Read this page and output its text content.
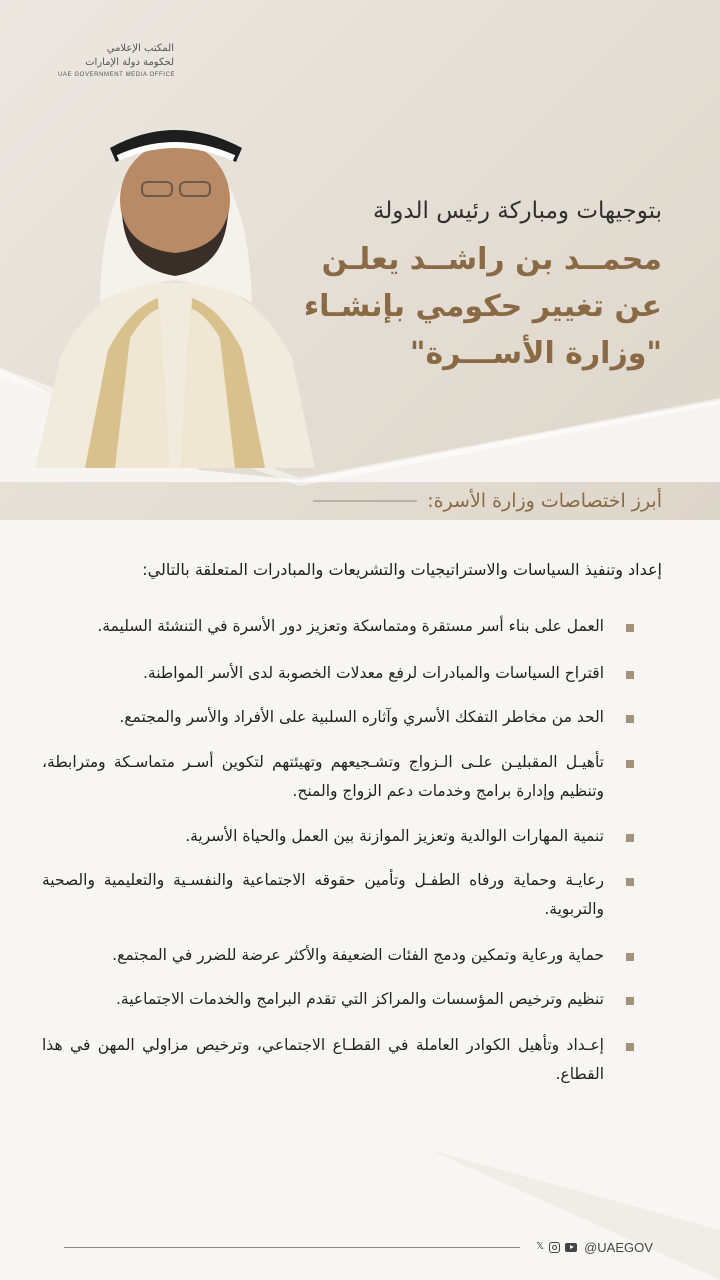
المكتب الإعلامي
لحكومة دولة الإمارات
UAE GOVERNMENT MEDIA OFFICE
بتوجيهات ومباركة رئيس الدولة
محمــد بن راشــد يعلـن
عن تغيير حكومي بإنشـاء
"وزارة الأســـرة"
أبرز اختصاصات وزارة الأسرة:
إعداد وتنفيذ السياسات والاستراتيجيات والتشريعات والمبادرات المتعلقة بالتالي:
العمل على بناء أسر مستقرة ومتماسكة وتعزيز دور الأسرة في التنشئة السليمة.
اقتراح السياسات والمبادرات لرفع معدلات الخصوبة لدى الأسر المواطنة.
الحد من مخاطر التفكك الأسري وآثاره السلبية على الأفراد والأسر والمجتمع.
تأهيـل المقبليـن علـى الـزواج وتشـجيعهم وتهيئتهم لتكوين أسـر متماسـكة ومترابطة، وتنظيم وإدارة برامج وخدمات دعم الزواج والمنح.
تنمية المهارات الوالدية وتعزيز الموازنة بين العمل والحياة الأسرية.
رعايـة وحماية ورفاه الطفـل وتأمين حقوقه الاجتماعية والنفسـية والتعليمية والصحية والتربوية.
حماية ورعاية وتمكين ودمج الفئات الضعيفة والأكثر عرضة للضرر في المجتمع.
تنظيم وترخيص المؤسسات والمراكز التي تقدم البرامج والخدمات الاجتماعية.
إعـداد وتأهيل الكوادر العاملة في القطـاع الاجتماعي، وترخيص مزاولي المهن في هذا القطاع.
𝕏	@UAEGOV
